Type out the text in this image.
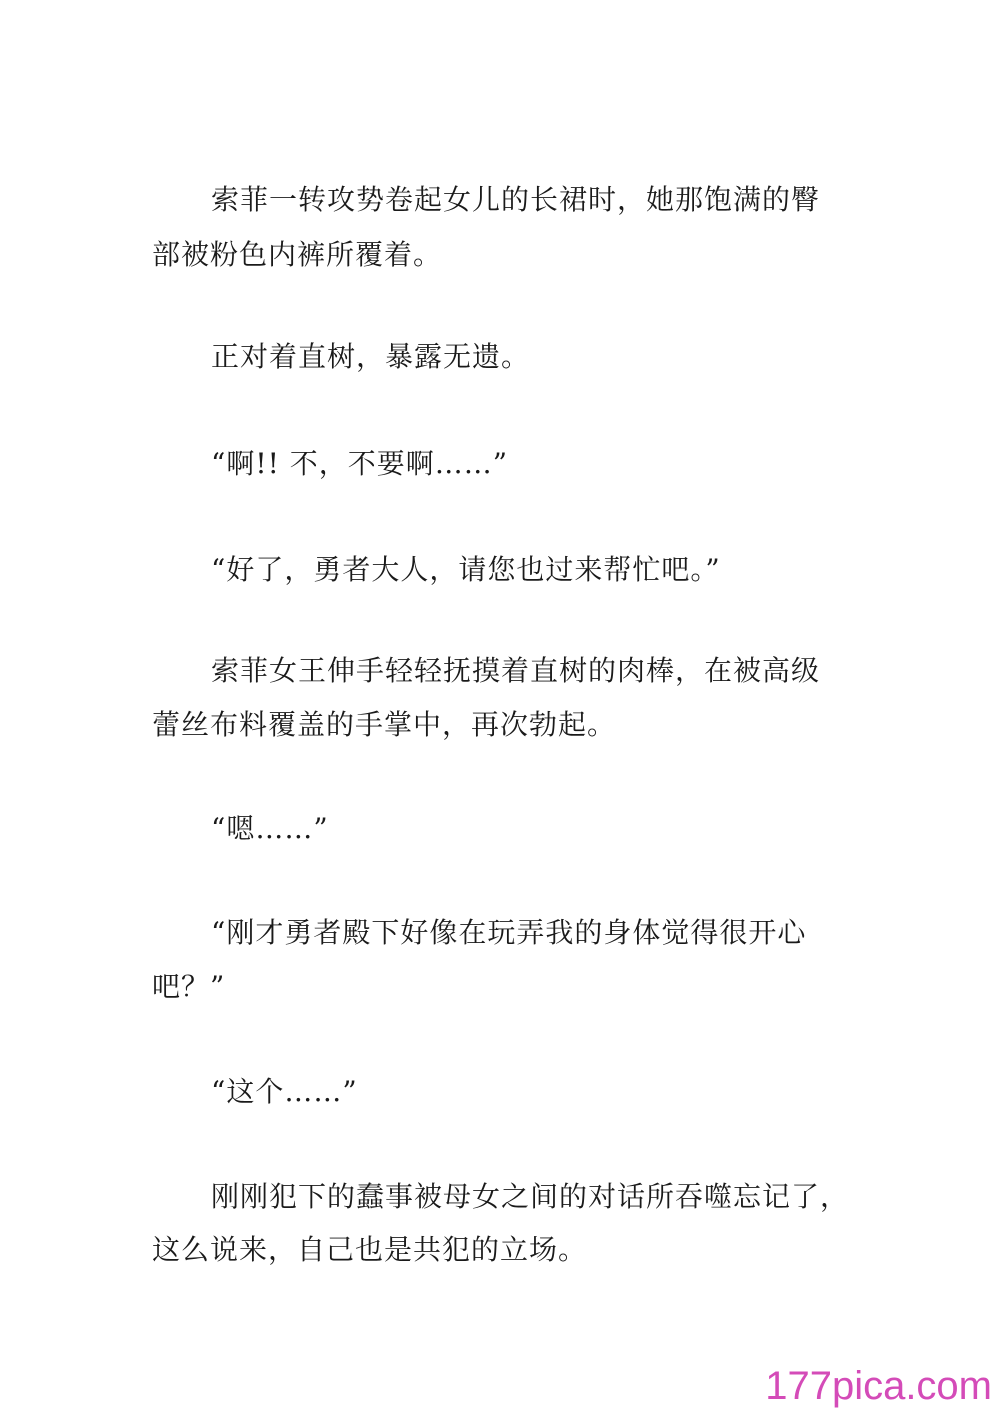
索菲一转攻势卷起女儿的长裙时，她那饱满的臀
部被粉色内裤所覆着。
正对着直树，暴露无遗。
“啊!! 不，不要啊……”
“好了，勇者大人，请您也过来帮忙吧。”
索菲女王伸手轻轻抚摸着直树的肉棒，在被高级
蕾丝布料覆盖的手掌中，再次勃起。
“嗯……”
“刚才勇者殿下好像在玩弄我的身体觉得很开心
吧？”
“这个……”
刚刚犯下的蠢事被母女之间的对话所吞噬忘记了，
这么说来，自己也是共犯的立场。
177pica.com
